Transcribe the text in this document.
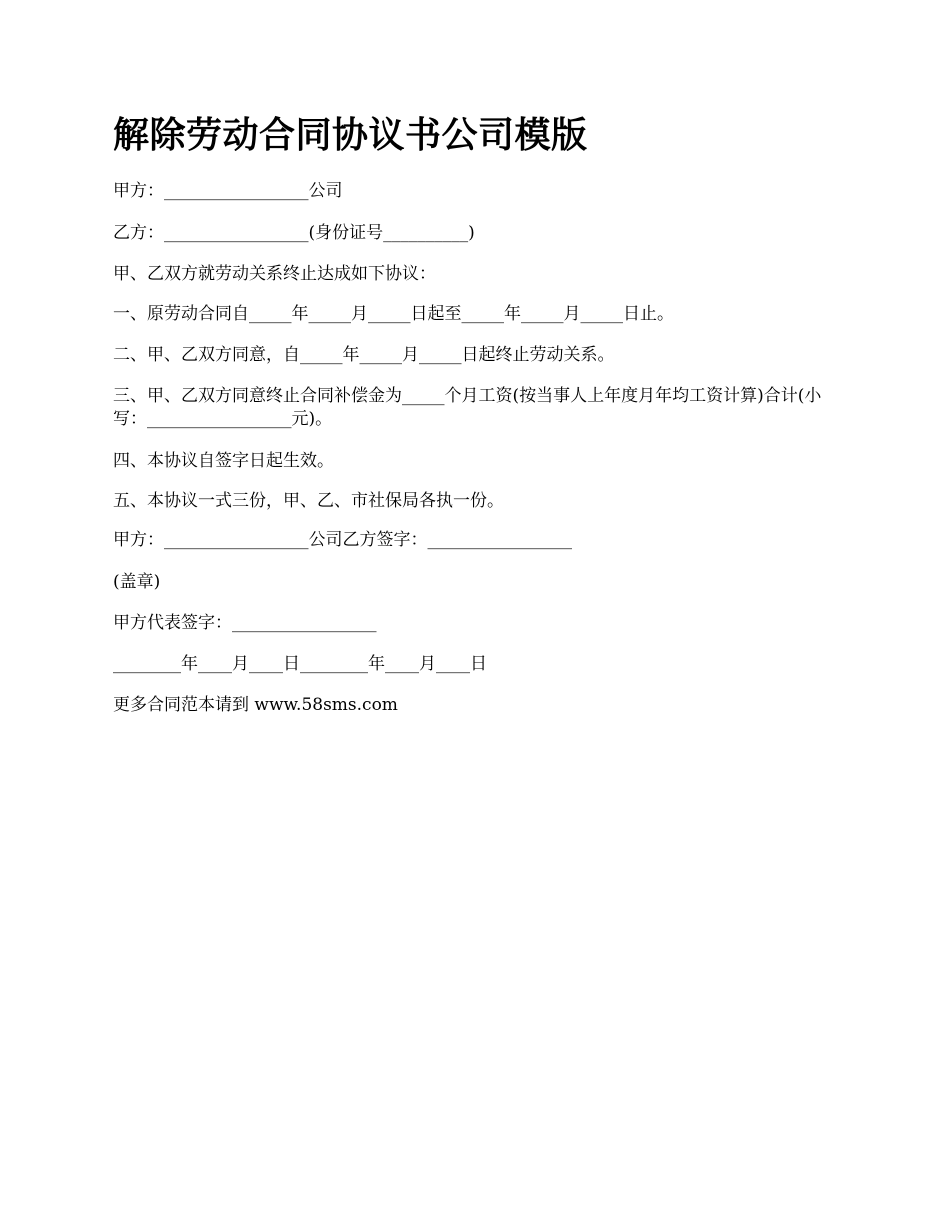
解除劳动合同协议书公司模版

甲方：_________________公司

乙方：_________________(身份证号__________)

甲、乙双方就劳动关系终止达成如下协议：

一、原劳动合同自_____年_____月_____日起至_____年_____月_____日止。

二、甲、乙双方同意，自_____年_____月_____日起终止劳动关系。

三、甲、乙双方同意终止合同补偿金为_____个月工资(按当事人上年度月年均工资计算)合计(小写：_________________元)。

四、本协议自签字日起生效。

五、本协议一式三份，甲、乙、市社保局各执一份。

甲方：_________________公司乙方签字：_________________

(盖章)

甲方代表签字：_________________

________年____月____日________年____月____日

更多合同范本请到 www.58sms.com
